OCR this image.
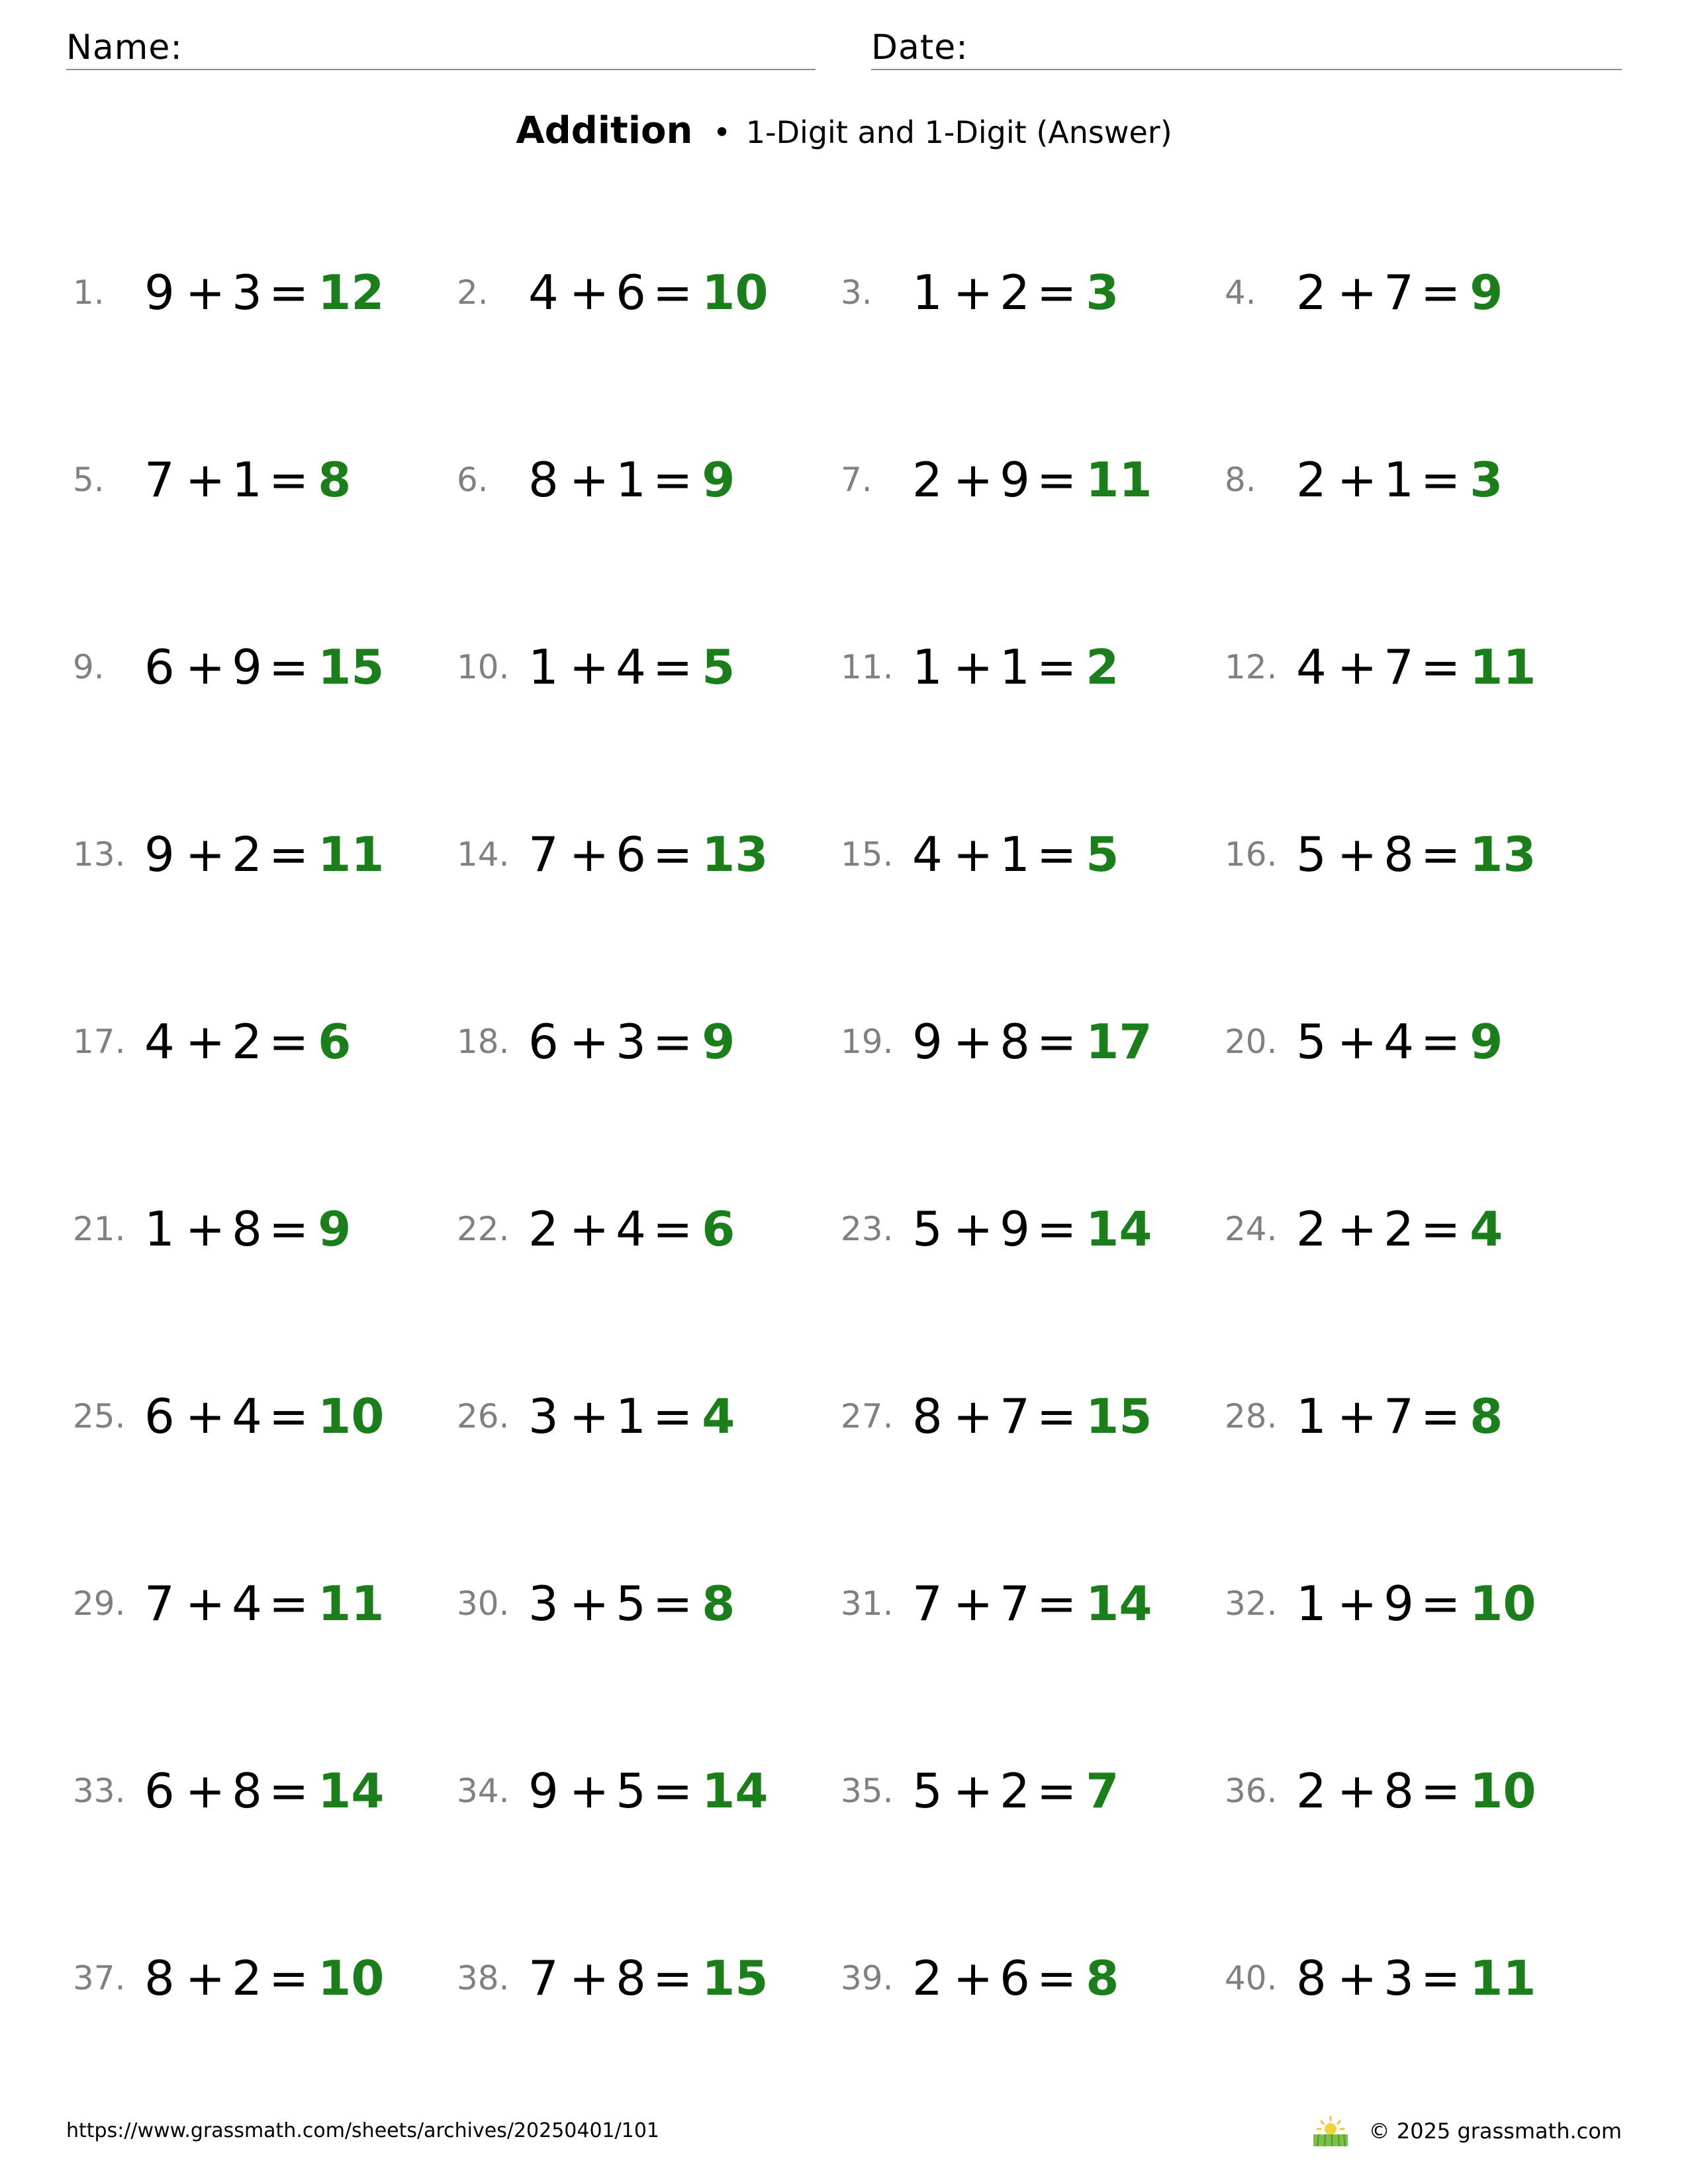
Name:	Date:
Addition • 1-Digit and 1-Digit (Answer)
1. 9 + 3 = 12 2. 4 + 6 = 10 3. 1 + 2 = 3	4. 2 + 7 = 9
5. 7 + 1 = 8	6. 8 + 1 = 9	7. 2 + 9 = 11 8. 2 + 1 = 3
9. 6 + 9 = 15 10. 1 + 4 = 5	11. 1 + 1 = 2	12. 4 + 7 = 11
13. 9 + 2 = 11 14. 7 + 6 = 13 15. 4 + 1 = 5	16. 5 + 8 = 13
17. 4 + 2 = 6	18. 6 + 3 = 9	19. 9 + 8 = 17 20. 5 + 4 = 9
21. 1 + 8 = 9	22. 2 + 4 = 6	23. 5 + 9 = 14 24. 2 + 2 = 4
25. 6 + 4 = 10 26. 3 + 1 = 4	27. 8 + 7 = 15 28. 1 + 7 = 8
29. 7 + 4 = 11 30. 3 + 5 = 8	31. 7 + 7 = 14 32. 1 + 9 = 10
33. 6 + 8 = 14 34. 9 + 5 = 14 35. 5 + 2 = 7	36. 2 + 8 = 10
37. 8 + 2 = 10 38. 7 + 8 = 15 39. 2 + 6 = 8	40. 8 + 3 = 11
https://www.grassmath.com/sheets/archives/20250401/101	© 2025 grassmath.com
